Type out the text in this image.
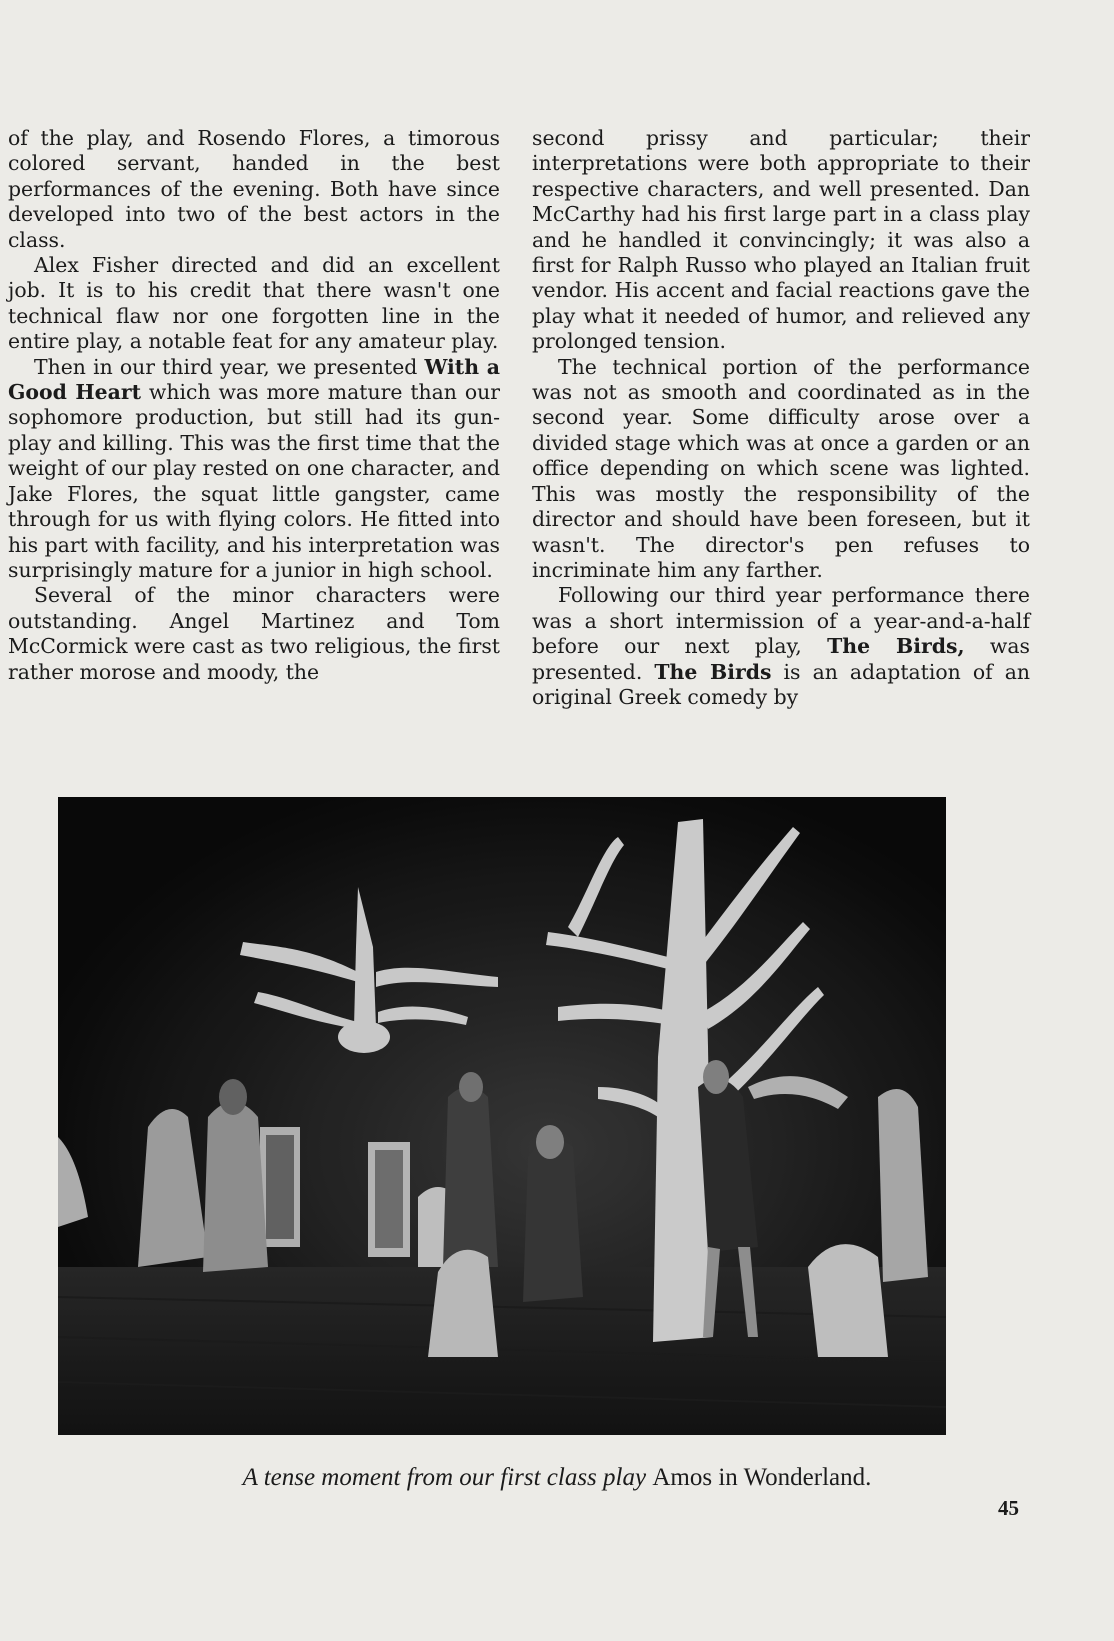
of the play, and Rosendo Flores, a timorous colored servant, handed in the best performances of the evening. Both have since developed into two of the best actors in the class.

Alex Fisher directed and did an excellent job. It is to his credit that there wasn't one technical flaw nor one forgotten line in the entire play, a notable feat for any amateur play.

Then in our third year, we presented With a Good Heart which was more mature than our sophomore production, but still had its gun-play and killing. This was the first time that the weight of our play rested on one character, and Jake Flores, the squat little gangster, came through for us with flying colors. He fitted into his part with facility, and his interpretation was surprisingly mature for a junior in high school.

Several of the minor characters were outstanding. Angel Martinez and Tom McCormick were cast as two religious, the first rather morose and moody, the

second prissy and particular; their interpretations were both appropriate to their respective characters, and well presented. Dan McCarthy had his first large part in a class play and he handled it convincingly; it was also a first for Ralph Russo who played an Italian fruit vendor. His accent and facial reactions gave the play what it needed of humor, and relieved any prolonged tension.

The technical portion of the performance was not as smooth and coordinated as in the second year. Some difficulty arose over a divided stage which was at once a garden or an office depending on which scene was lighted. This was mostly the responsibility of the director and should have been foreseen, but it wasn't. The director's pen refuses to incriminate him any farther.

Following our third year performance there was a short intermission of a year-and-a-half before our next play, The Birds, was presented. The Birds is an adaptation of an original Greek comedy by

A tense moment from our first class play Amos in Wonderland.
45
